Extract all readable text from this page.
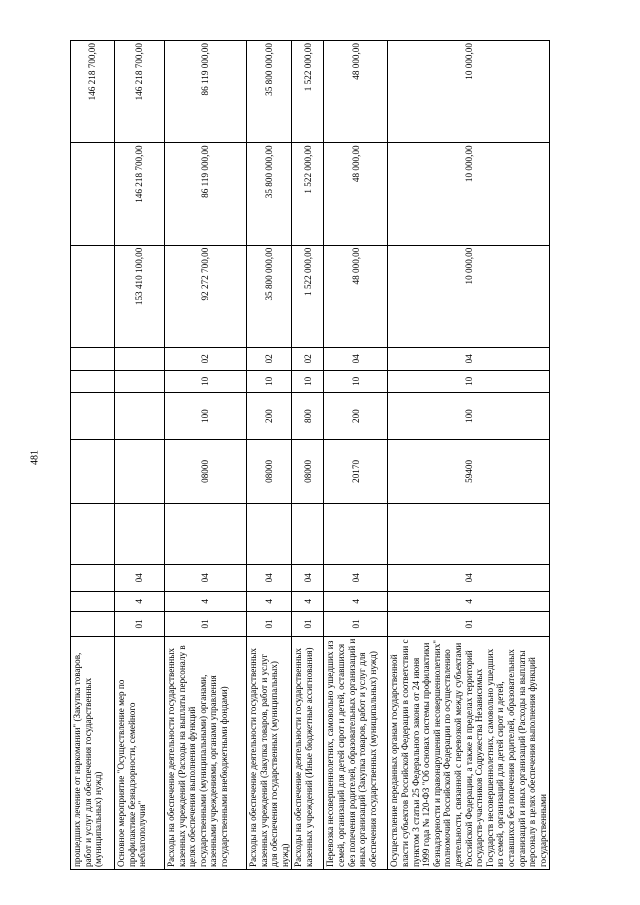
481
прошедших лечение от наркомании" (Закупка товаров, работ и услуг для обеспечения государственных (муниципальных) нужд)											146 218 700,00
Основное мероприятие "Осуществление мер по профилактике безнадзорности, семейного неблагополучия"	01	4	04						153 410 100,00	146 218 700,00	146 218 700,00
Расходы на обеспечение деятельности государственных казенных учреждений (Расходы на выплаты персоналу в целях обеспечения выполнения функций государственными (муниципальными) органами, казенными учреждениями, органами управления государственными внебюджетными фондами)	01	4	04		08000	100	10	02	92 272 700,00	86 119 000,00	86 119 000,00
Расходы на обеспечение деятельности государственных казенных учреждений (Закупка товаров, работ и услуг для обеспечения государственных (муниципальных) нужд)	01	4	04		08000	200	10	02	35 800 000,00	35 800 000,00	35 800 000,00
Расходы на обеспечение деятельности государственных казенных учреждений (Иные бюджетные ассигнования)	01	4	04		08000	800	10	02	1 522 000,00	1 522 000,00	1 522 000,00
Перевозка несовершеннолетних, самовольно ушедших из семей, организаций для детей сирот и детей, оставшихся без попечения родителей, образовательных организаций и иных организаций (Закупка товаров, работ и услуг для обеспечения государственных (муниципальных) нужд)	01	4	04		20170	200	10	04	48 000,00	48 000,00	48 000,00
Осуществление переданных органам государственной власти субъектов Российской Федерации в соответствии с пунктом 3 статьи 25 Федерального закона от 24 июня 1999 года № 120-ФЗ "Об основах системы профилактики безнадзорности и правонарушений несовершеннолетних" полномочий Российской Федерации по осуществлению деятельности, связанной с перевозкой между субъектами Российской Федерации, а также в пределах территорий государств-участников Содружества Независимых Государств несовершеннолетних, самовольно ушедших из семей, организаций для детей сирот и детей, оставшихся без попечения родителей, образовательных организаций и иных организаций (Расходы на выплаты персоналу в целях обеспечения выполнения функций государственными	01	4	04		59400	100	10	04	10 000,00	10 000,00	10 000,00
